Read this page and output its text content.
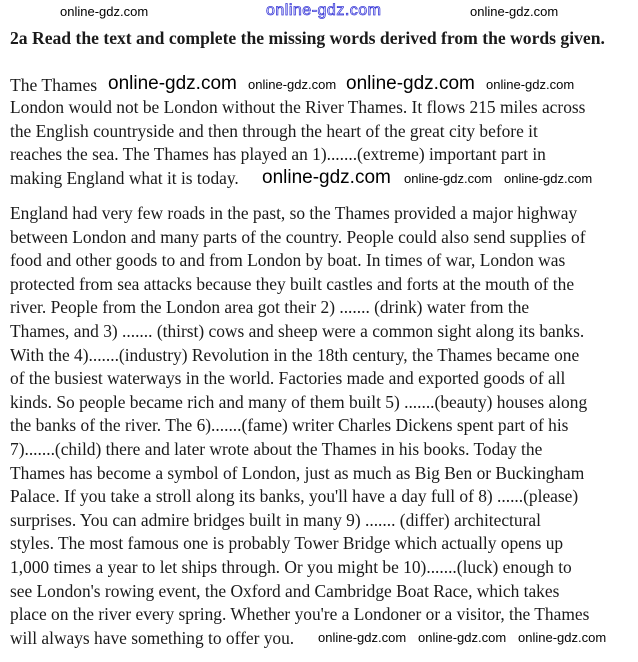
online-gdz.com
2a Read the text and complete the missing words derived from the words given.
The Thames
London would not be London without the River Thames. It flows 215 miles across
the English countryside and then through the heart of the great city before it
reaches the sea. The Thames has played an 1).......(extreme) important part in
making England what it is today.
England had very few roads in the past, so the Thames provided a major highway
between London and many parts of the country. People could also send supplies of
food and other goods to and from London by boat. In times of war, London was
protected from sea attacks because they built castles and forts at the mouth of the
river. People from the London area got their 2) ....... (drink) water from the
Thames, and 3) ....... (thirst) cows and sheep were a common sight along its banks.
With the 4).......(industry) Revolution in the 18th century, the Thames became one
of the busiest waterways in the world. Factories made and exported goods of all
kinds. So people became rich and many of them built 5) .......(beauty) houses along
the banks of the river. The 6).......(fame) writer Charles Dickens spent part of his
7).......(child) there and later wrote about the Thames in his books. Today the
Thames has become a symbol of London, just as much as Big Ben or Buckingham
Palace. If you take a stroll along its banks, you'll have a day full of 8) ......(please)
surprises. You can admire bridges built in many 9) ....... (differ) architectural
styles. The most famous one is probably Tower Bridge which actually opens up
1,000 times a year to let ships through. Or you might be 10).......(luck) enough to
see London's rowing event, the Oxford and Cambridge Boat Race, which takes
place on the river every spring. Whether you're a Londoner or a visitor, the Thames
will always have something to offer you.
online-gdz.com	online-gdz.com
online-gdz.com online-gdz.com online-gdz.com online-gdz.com
online-gdz.com online-gdz.com online-gdz.com
online-gdz.com online-gdz.com online-gdz.com
